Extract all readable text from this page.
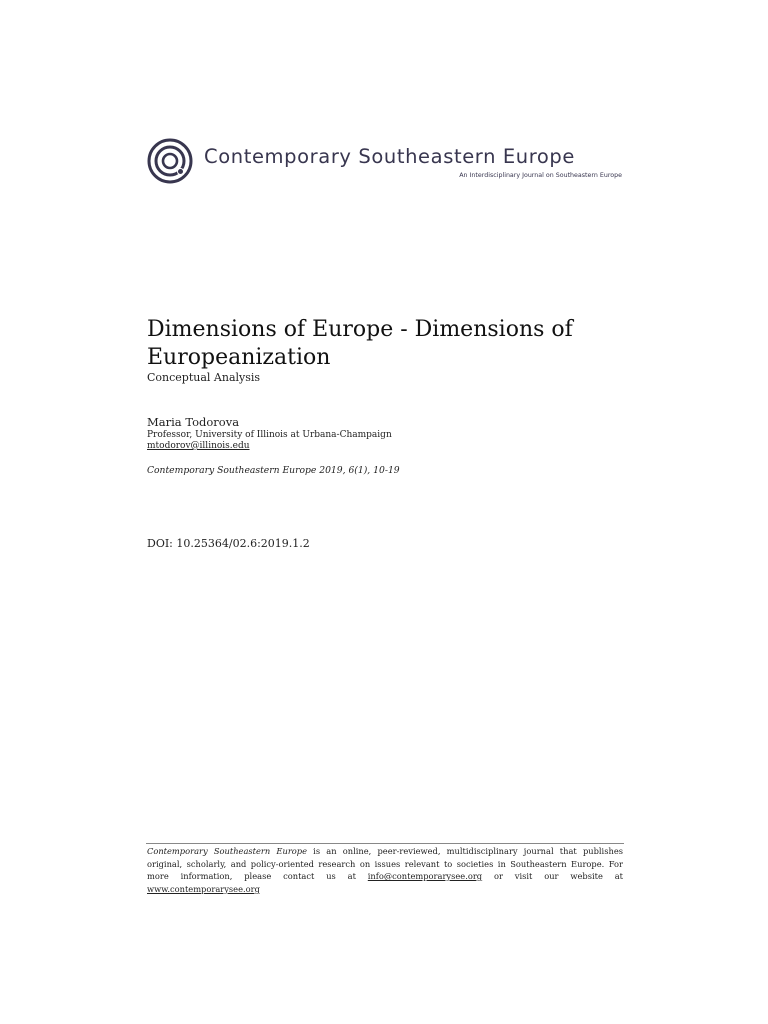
Contemporary Southeastern Europe
An Interdisciplinary Journal on Southeastern Europe
Dimensions of Europe - Dimensions of Europeanization
Conceptual Analysis
Maria Todorova
Professor, University of Illinois at Urbana-Champaign
mtodorov@illinois.edu
Contemporary Southeastern Europe 2019, 6(1), 10-19
DOI: 10.25364/02.6:2019.1.2
Contemporary Southeastern Europe is an online, peer-reviewed, multidisciplinary journal that publishes original, scholarly, and policy-oriented research on issues relevant to societies in Southeastern Europe. For more information, please contact us at info@contemporarysee.org or visit our website at www.contemporarysee.org
